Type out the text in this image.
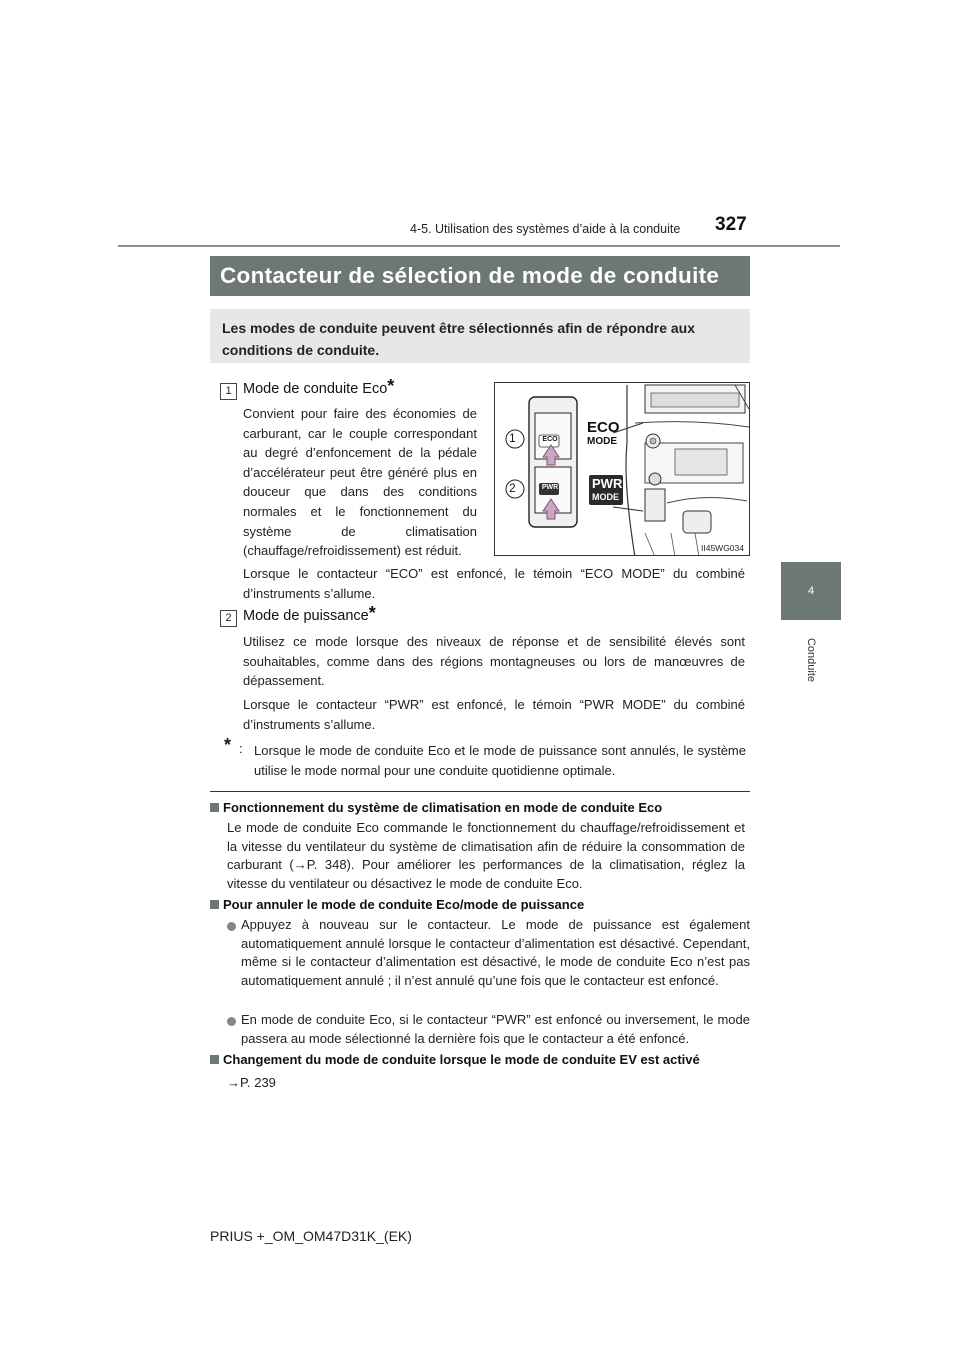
4-5. Utilisation des systèmes d’aide à la conduite 327
4
Conduite
Contacteur de sélection de mode de conduite
Les modes de conduite peuvent être sélectionnés afin de répondre aux conditions de conduite.
1 Mode de conduite Eco*
Convient pour faire des économies de carburant, car le couple correspondant au degré d’enfoncement de la pédale d’accélérateur peut être généré plus en douceur que dans des conditions normales et le fonctionnement du système de climatisation (chauffage/refroidissement) est réduit.
Lorsque le contacteur “ECO” est enfoncé, le témoin “ECO MODE” du combiné d’instruments s’allume.
1
2
ECO
PWR
ECO
MODE
PWR
MODE
II45WG034
2 Mode de puissance*
Utilisez ce mode lorsque des niveaux de réponse et de sensibilité élevés sont souhaitables, comme dans des régions montagneuses ou lors de manœuvres de dépassement.
Lorsque le contacteur “PWR” est enfoncé, le témoin “PWR MODE” du combiné d’instruments s’allume.
* : Lorsque le mode de conduite Eco et le mode de puissance sont annulés, le système utilise le mode normal pour une conduite quotidienne optimale.
Fonctionnement du système de climatisation en mode de conduite Eco
Le mode de conduite Eco commande le fonctionnement du chauffage/refroidissement et la vitesse du ventilateur du système de climatisation afin de réduire la consommation de carburant (→P. 348). Pour améliorer les performances de la climatisation, réglez la vitesse du ventilateur ou désactivez le mode de conduite Eco.
Pour annuler le mode de conduite Eco/mode de puissance
Appuyez à nouveau sur le contacteur. Le mode de puissance est également automatiquement annulé lorsque le contacteur d’alimentation est désactivé. Cependant, même si le contacteur d’alimentation est désactivé, le mode de conduite Eco n’est pas automatiquement annulé ; il n’est annulé qu’une fois que le contacteur est enfoncé.
En mode de conduite Eco, si le contacteur “PWR” est enfoncé ou inversement, le mode passera au mode sélectionné la dernière fois que le contacteur a été enfoncé.
Changement du mode de conduite lorsque le mode de conduite EV est activé
→P. 239
PRIUS +_OM_OM47D31K_(EK)
